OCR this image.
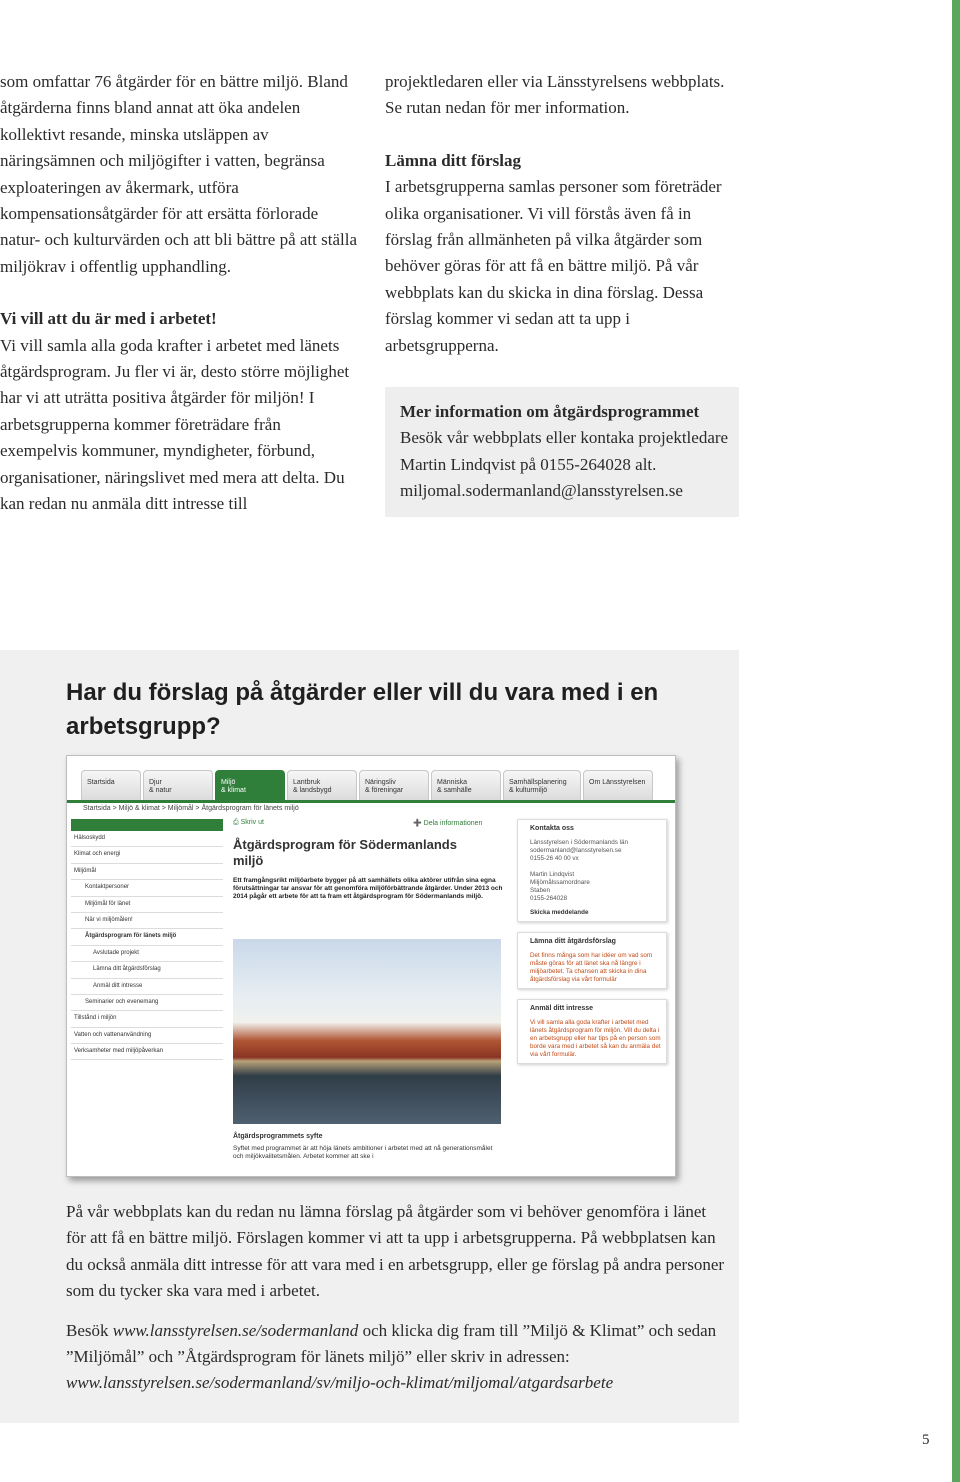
som omfattar 76 åtgärder för en bättre miljö. Bland åtgärderna finns bland annat att öka andelen kollektivt resande, minska utsläppen av näringsämnen och miljögifter i vatten, begränsa exploateringen av åkermark, utföra kompensationsåtgärder för att ersätta förlorade natur- och kulturvärden och att bli bättre på att ställa miljökrav i offentlig upphandling.

Vi vill att du är med i arbetet!

Vi vill samla alla goda krafter i arbetet med länets åtgärdsprogram. Ju fler vi är, desto större möjlighet har vi att uträtta positiva åtgärder för miljön! I arbetsgrupperna kommer företrädare från exempelvis kommuner, myndigheter, förbund, organisationer, näringslivet med mera att delta. Du kan redan nu anmäla ditt intresse till

projektledaren eller via Länsstyrelsens webbplats. Se rutan nedan för mer information.

Lämna ditt förslag

I arbetsgrupperna samlas personer som företräder olika organisationer. Vi vill förstås även få in förslag från allmänheten på vilka åtgärder som behöver göras för att få en bättre miljö. På vår webbplats kan du skicka in dina förslag. Dessa förslag kommer vi sedan att ta upp i arbetsgrupperna.

Mer information om åtgärdsprogrammet

Besök vår webbplats eller kontaka projektledare Martin Lindqvist på 0155-264028 alt. miljomal.sodermanland@lansstyrelsen.se

Har du förslag på åtgärder eller vill du vara med i en arbetsgrupp?
Startsida	Djur
& natur
Miljö
& klimat
Lantbruk
& landsbygd
Näringsliv
& föreningar
Människa
& samhälle
Samhällsplanering
& kulturmiljö
Om Länsstyrelsen
Startsida > Miljö & klimat > Miljömål > Åtgärdsprogram för länets miljö
Hälsoskydd
Klimat och energi
Miljömål
Kontaktpersoner
Miljömål för länet
När vi miljömålen!
Åtgärdsprogram för länets miljö
Avslutade projekt
Lämna ditt åtgärdsförslag
Anmäl ditt intresse
Seminarier och evenemang
Tillstånd i miljön
Vatten och vattenanvändning
Verksamheter med miljöpåverkan
⎙ Skriv ut	➕ Dela informationen
Åtgärdsprogram för Södermanlands miljö

Ett framgångsrikt miljöarbete bygger på att samhällets olika aktörer utifrån sina egna förutsättningar tar ansvar för att genomföra miljöförbättrande åtgärder. Under 2013 och 2014 pågår ett arbete för att ta fram ett åtgärdsprogram för Södermanlands miljö.

Åtgärdsprogrammets syfte

Syftet med programmet är att höja länets ambitioner i arbetet med att nå generationsmålet och miljökvalitetsmålen. Arbetet kommer att ske i

Kontakta oss
Länsstyrelsen i Södermanlands län
sodermanland@lansstyrelsen.se
0155-26 40 00 vx

Martin Lindqvist
Miljömålssamordnare
Staben
0155-264028
Skicka meddelande
Lämna ditt åtgärdsförslag
Det finns många som har idéer om vad som måste göras för att länet ska nå längre i miljöarbetet. Ta chansen att skicka in dina åtgärdsförslag via vårt formulär
Anmäl ditt intresse
Vi vill samla alla goda krafter i arbetet med länets åtgärdsprogram för miljön. Vill du delta i en arbetsgrupp eller har tips på en person som borde vara med i arbetet så kan du anmäla det via vårt formulär.

På vår webbplats kan du redan nu lämna förslag på åtgärder som vi behöver genomföra i länet för att få en bättre miljö. Förslagen kommer vi att ta upp i arbetsgrupperna. På webbplatsen kan du också anmäla ditt intresse för att vara med i en arbetsgrupp, eller ge förslag på andra personer som du tycker ska vara med i arbetet.

Besök www.lansstyrelsen.se/sodermanland och klicka dig fram till ”Miljö & Klimat” och sedan ”Miljömål” och ”Åtgärdsprogram för länets miljö” eller skriv in adressen: www.lansstyrelsen.se/sodermanland/sv/miljo-och-klimat/miljomal/atgardsarbete

5
